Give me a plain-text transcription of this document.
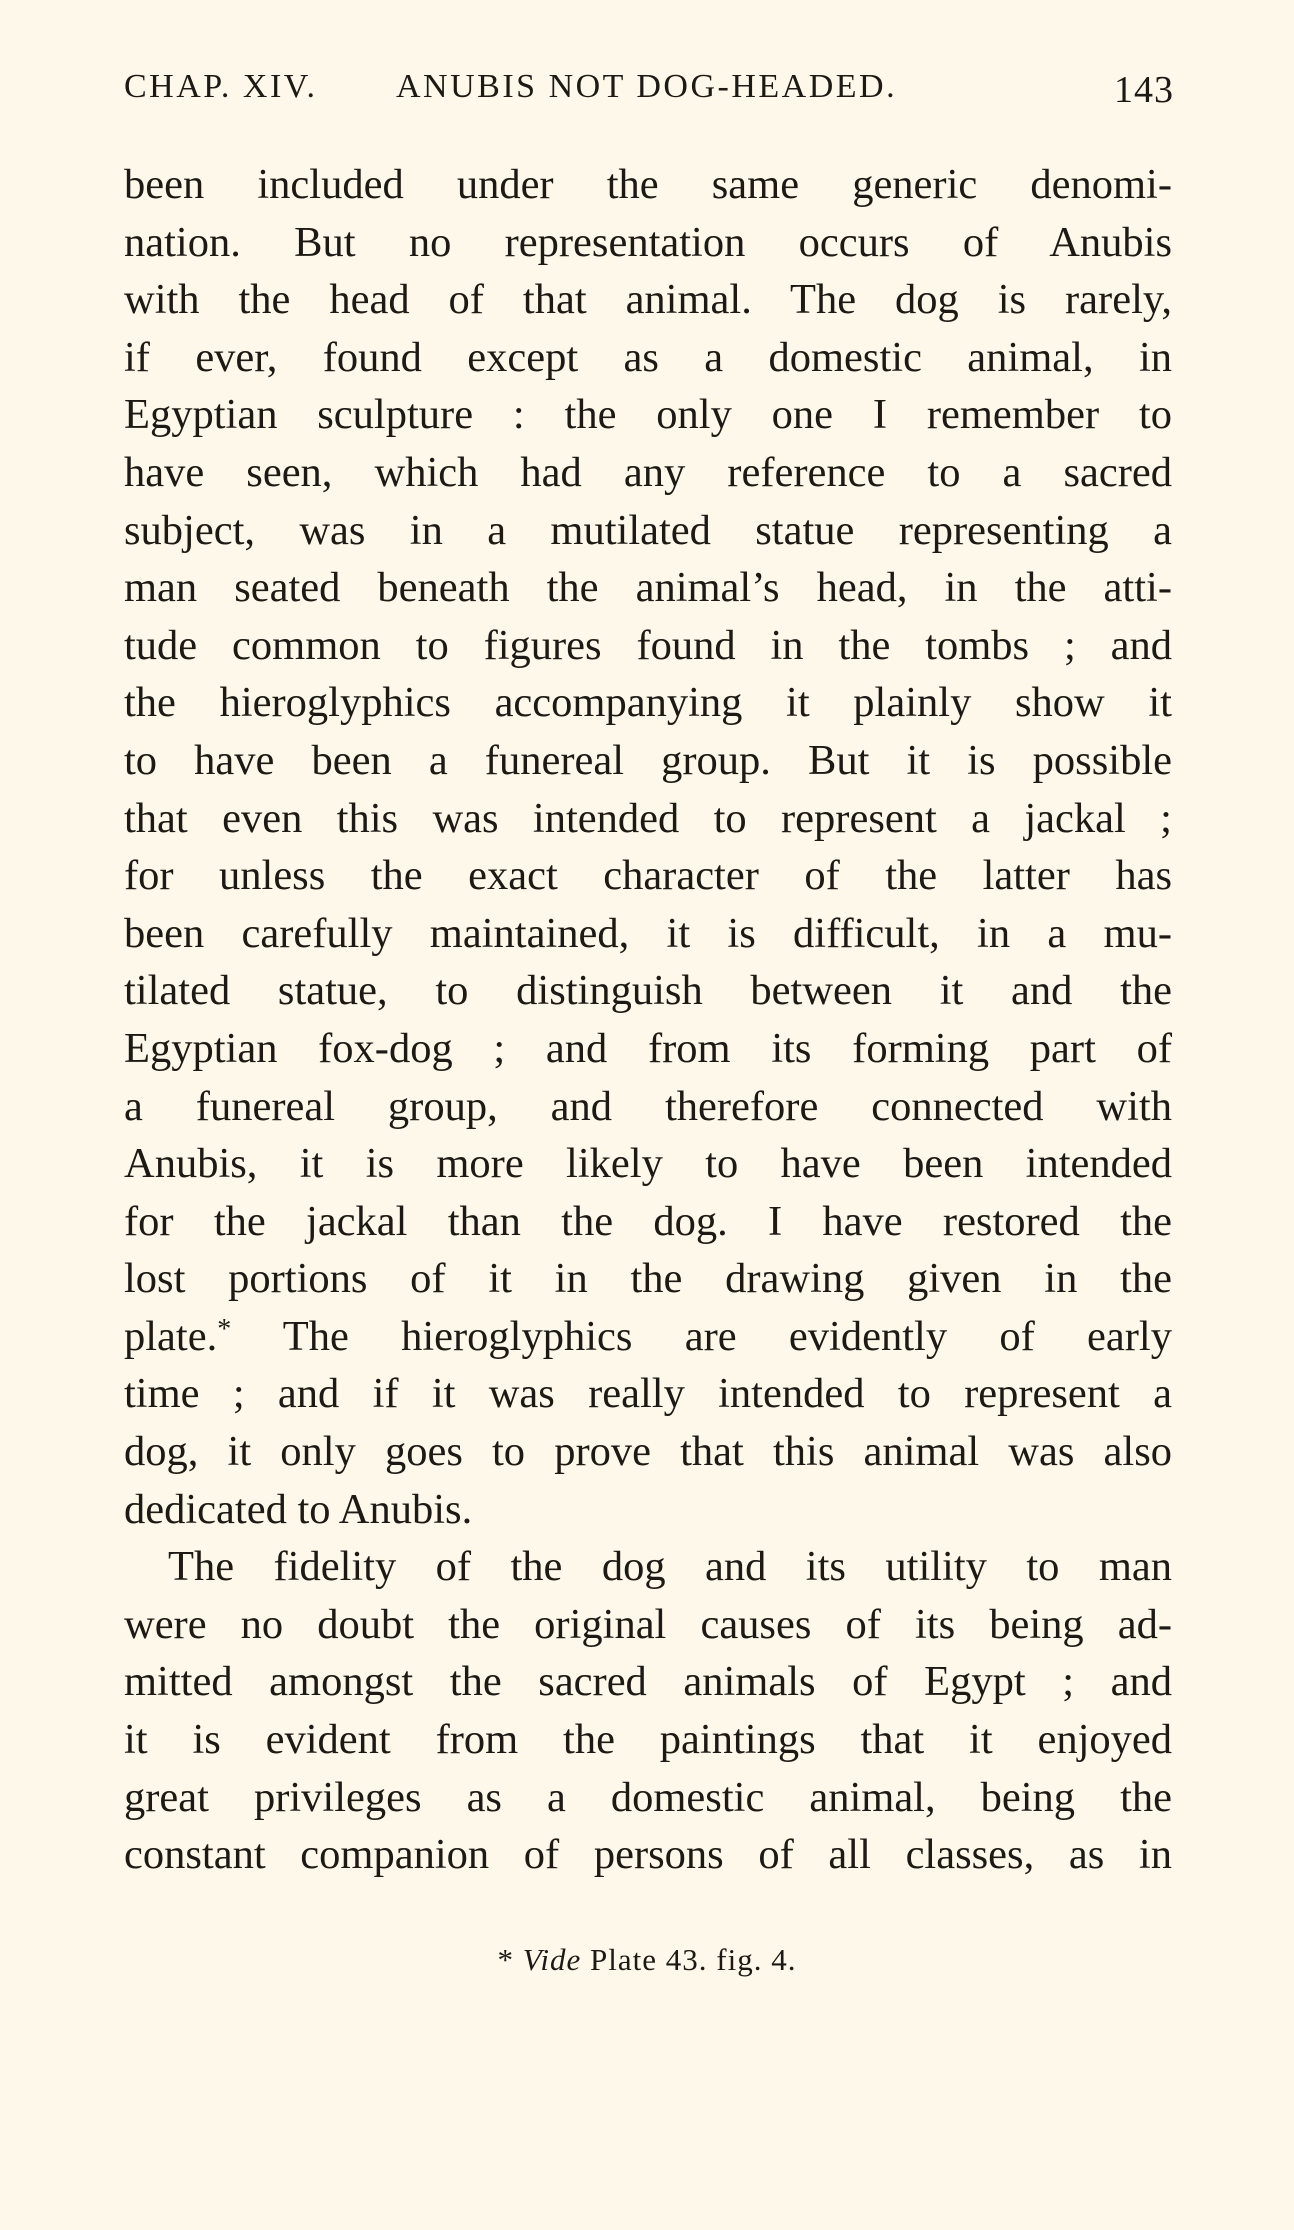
CHAP. XIV. ANUBIS NOT DOG-HEADED.	143
been included under the same generic denomi-
nation. But no representation occurs of Anubis
with the head of that animal. The dog is rarely,
if ever, found except as a domestic animal, in
Egyptian sculpture : the only one I remember to
have seen, which had any reference to a sacred
subject, was in a mutilated statue representing a
man seated beneath the animal’s head, in the atti-
tude common to figures found in the tombs ; and
the hieroglyphics accompanying it plainly show it
to have been a funereal group. But it is possible
that even this was intended to represent a jackal ;
for unless the exact character of the latter has
been carefully maintained, it is difficult, in a mu-
tilated statue, to distinguish between it and the
Egyptian fox-dog ; and from its forming part of
a funereal group, and therefore connected with
Anubis, it is more likely to have been intended
for the jackal than the dog. I have restored the
lost portions of it in the drawing given in the
plate.* The hieroglyphics are evidently of early
time ; and if it was really intended to represent a
dog, it only goes to prove that this animal was also
dedicated to Anubis.
The fidelity of the dog and its utility to man
were no doubt the original causes of its being ad-
mitted amongst the sacred animals of Egypt ; and
it is evident from the paintings that it enjoyed
great privileges as a domestic animal, being the
constant companion of persons of all classes, as in
* Vide Plate 43. fig. 4.
